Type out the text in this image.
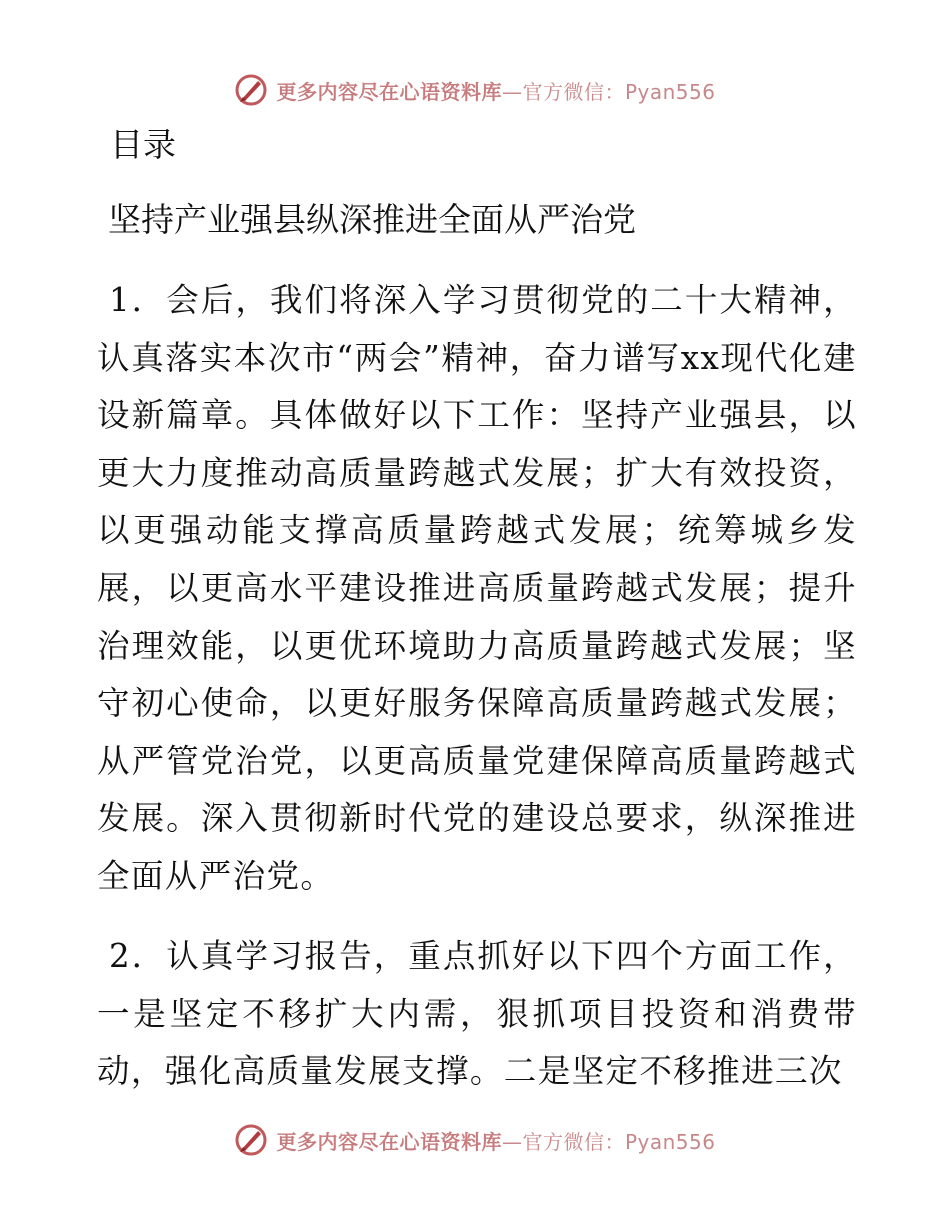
更多内容尽在心语资料库—官方微信：Pyan556
目录
坚持产业强县纵深推进全面从严治党

1．会后，我们将深入学习贯彻党的二十大精神，认真落实本次市“两会”精神，奋力谱写xx现代化建设新篇章。具体做好以下工作：坚持产业强县，以更大力度推动高质量跨越式发展；扩大有效投资，以更强动能支撑高质量跨越式发展；统筹城乡发展，以更高水平建设推进高质量跨越式发展；提升治理效能，以更优环境助力高质量跨越式发展；坚守初心使命，以更好服务保障高质量跨越式发展；从严管党治党，以更高质量党建保障高质量跨越式发展。深入贯彻新时代党的建设总要求，纵深推进全面从严治党。

2．认真学习报告，重点抓好以下四个方面工作，一是坚定不移扩大内需，狠抓项目投资和消费带动，强化高质量发展支撑。二是坚定不移推进三次

更多内容尽在心语资料库—官方微信：Pyan556
